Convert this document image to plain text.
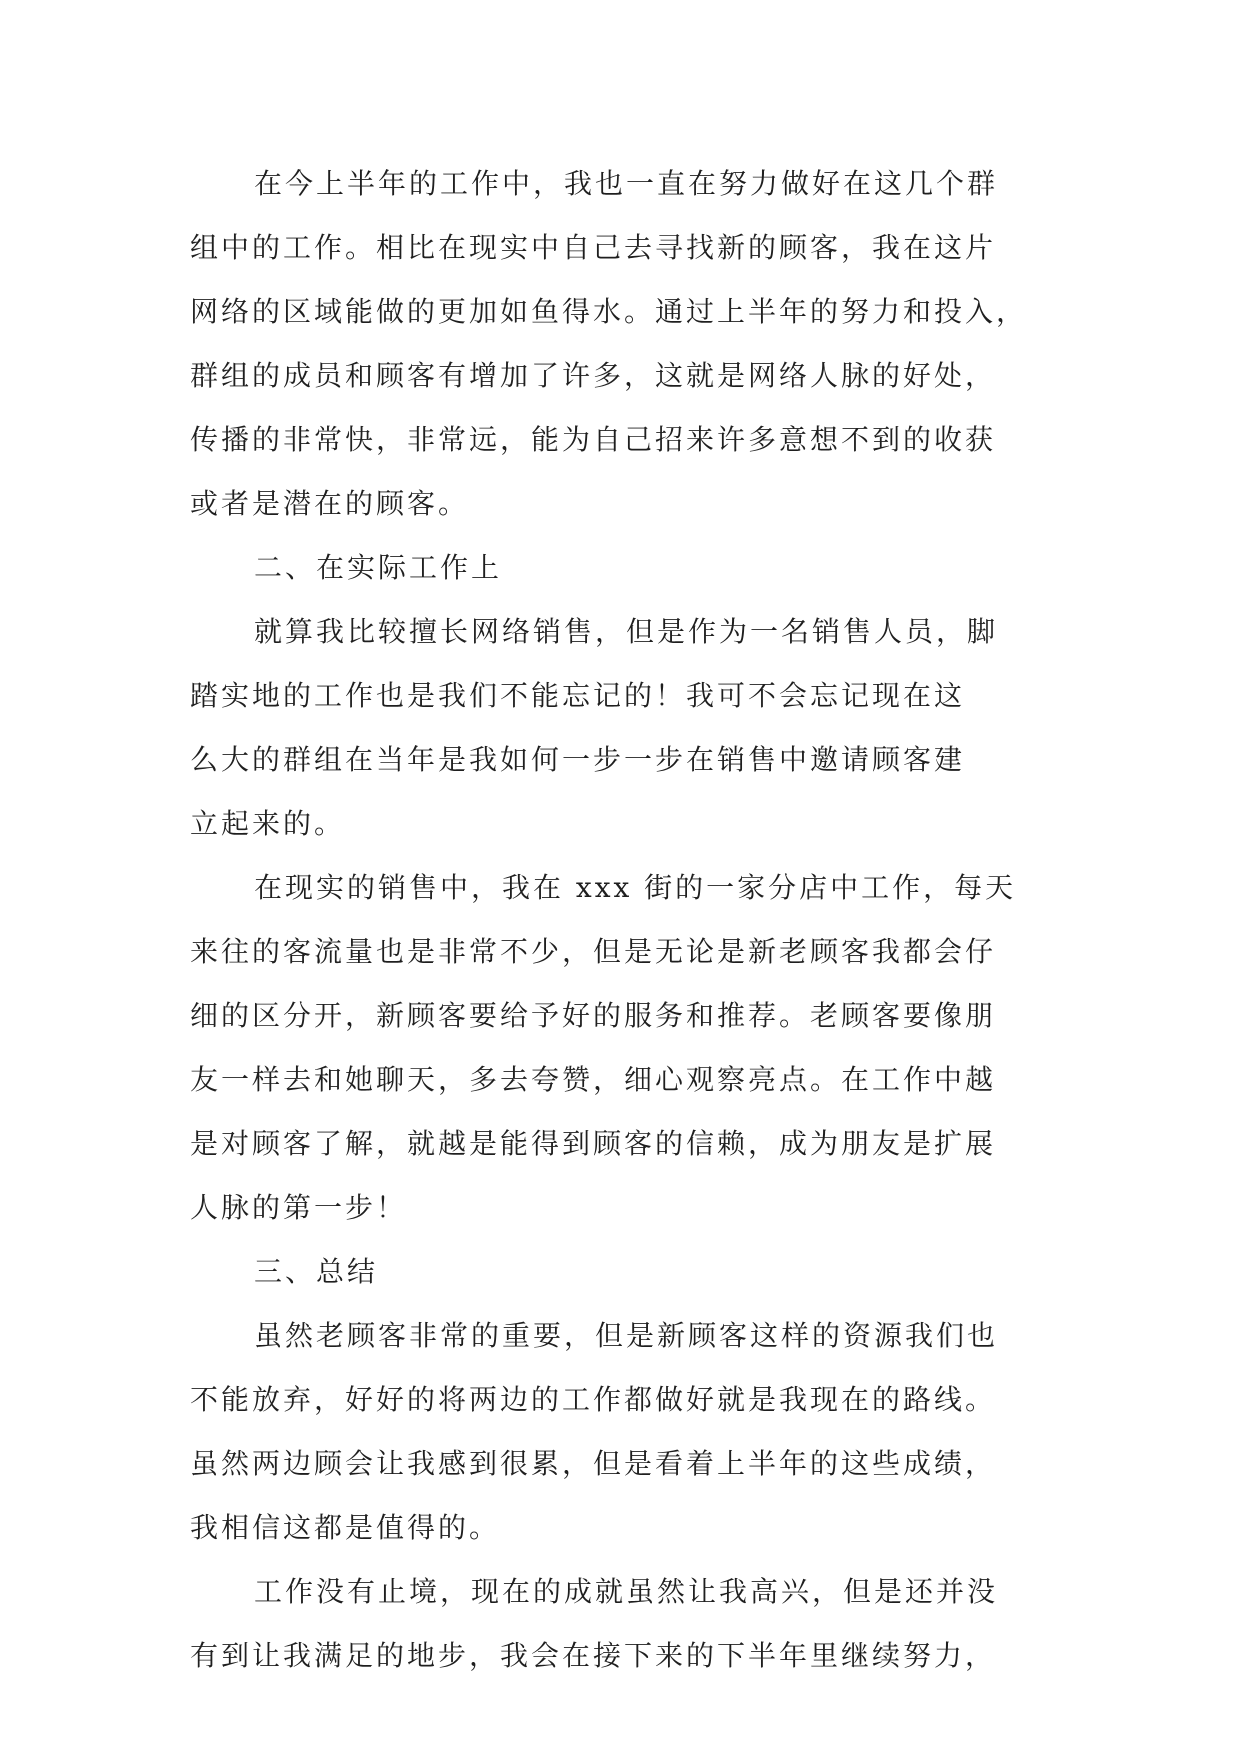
在今上半年的工作中，我也一直在努力做好在这几个群
组中的工作。相比在现实中自己去寻找新的顾客，我在这片
网络的区域能做的更加如鱼得水。通过上半年的努力和投入，
群组的成员和顾客有增加了许多，这就是网络人脉的好处，
传播的非常快，非常远，能为自己招来许多意想不到的收获
或者是潜在的顾客。
二、在实际工作上
就算我比较擅长网络销售，但是作为一名销售人员，脚
踏实地的工作也是我们不能忘记的！我可不会忘记现在这
么大的群组在当年是我如何一步一步在销售中邀请顾客建
立起来的。
在现实的销售中，我在 xxx 街的一家分店中工作，每天
来往的客流量也是非常不少，但是无论是新老顾客我都会仔
细的区分开，新顾客要给予好的服务和推荐。老顾客要像朋
友一样去和她聊天，多去夸赞，细心观察亮点。在工作中越
是对顾客了解，就越是能得到顾客的信赖，成为朋友是扩展
人脉的第一步！
三、总结
虽然老顾客非常的重要，但是新顾客这样的资源我们也
不能放弃，好好的将两边的工作都做好就是我现在的路线。
虽然两边顾会让我感到很累，但是看着上半年的这些成绩，
我相信这都是值得的。
工作没有止境，现在的成就虽然让我高兴，但是还并没
有到让我满足的地步，我会在接下来的下半年里继续努力，
